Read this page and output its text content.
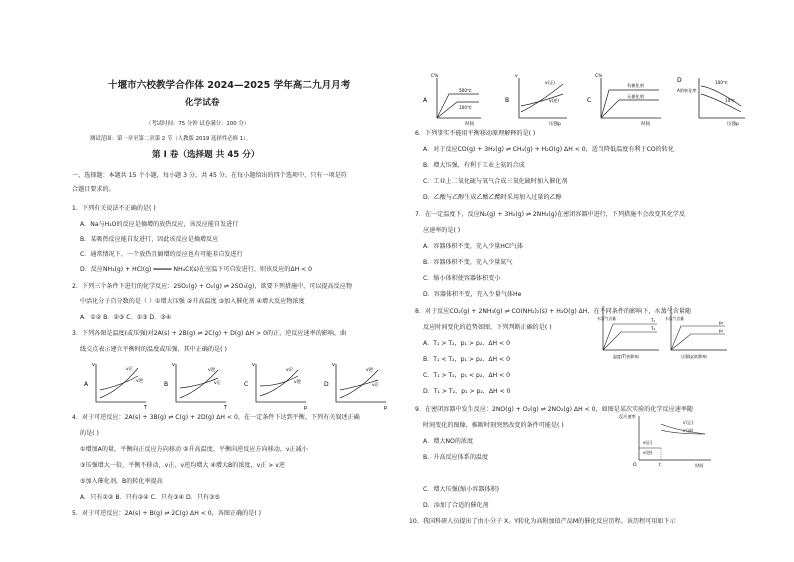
十堰市六校教学合作体 2024—2025 学年高二九月月考
化学试卷
（考试时间：75 分钟 试卷满分：100 分）
测试范围：第一章至第二章第 2 节（人教版 2019 选择性必修 1）。
第 I 卷（选择题 共 45 分）
一、选择题：本题共 15 个小题，每小题 3 分，共 45 分。在每小题给出的四个选项中，只有一项是符
合题目要求的。
1．下列有关说法不正确的是( )
A．Na与H₂O的反应是熵增的放热反应，该反应能自发进行
B．某吸热反应能自发进行，因此该反应是熵增反应
C．通常情况下，一个放热且熵增的反应也有可能非自发进行
D．反应NH₃(g) + HCl(g) ═════ NH₄Cl(s)在室温下可自发进行，则该反应的ΔH < 0
2．下列三个条件下进行的化学反应：2SO₂(g) + O₂(g) ⇌ 2SO₃(g)，欲要下列措施中，可以提高反应物
中活化分子百分数的是（ ）①增大压强 ②升高温度 ③加入催化剂 ④增大反应物浓度
A．①② B．②③ C．①③ D．③④
3．下列各图是温度(或压强)对2A(s) + 2B(g) ⇌ 2C(g) + D(g) ΔH > 0的正、逆反应速率的影响，曲
线交点表示建立平衡时的温度或压强，其中正确的是( )
A
v
T
v正
v逆	B
v
T
v逆
v正	C
v
p
v正
v逆	D
v
p
v逆
v正
4．对于可逆反应：2A(s) + 3B(g) ⇌ C(g) + 2D(g) ΔH < 0，在一定条件下达到平衡，下列有关叙述正确
的是( )
①增加A的量，平衡向正反应方向移动 ②升高温度，平衡向逆反应方向移动，v正减小
③压强增大一倍，平衡不移动，v正、v逆均增大 ④增大B的浓度，v正 > v逆
⑤加入催化剂，B的转化率提高
A．只有①② B．只有②④ C．只有③④ D．只有③⑤
5．对于可逆反应：2A(s) + B(g) ⇌ 2C(g) ΔH < 0，各图正确的是( )
A
C%
时间
500℃
100℃
B
v
压强p
v(正)
v(逆)	C
C%
时间
有催化剂
无催化剂
D
A的转化率
压强p
100℃
10℃
6．下列事实不能用平衡移动原理解释的是( )
A．对于反应CO(g) + 3H₂(g) ⇌ CH₄(g) + H₂O(g) ΔH < 0，适当降低温度有利于CO的转化
B．增大压强，有利于工业上氨的合成
C．工业上二氧化硫与氧气合成三氧化硫时加入催化剂
D．乙酸与乙醇生成乙酸乙酯时采用加入过量的乙醇
7．在一定温度下，反应N₂(g) + 3H₂(g) ⇌ 2NH₃(g)在密闭容器中进行，下列措施不会改变其化学反
应速率的是( )
A．容器体积不变，充入少量HCl气体
B．容器体积不变，充入少量氮气
C．缩小体积使容器体积变小
D．容器体积不变，充入少量气体He
8．对于反应CO₂(g) + 2NH₃(g) ⇌ CO(NH₂)₂(s) + H₂O(g) ΔH，在不同条件的影响下，水蒸气含量随
反应时间变化的趋势如图，下列判断正确的是( )
A．T₁ > T₂，p₁ > p₂，ΔH < 0
B．T₁ < T₂，p₁ > p₂，ΔH < 0
C．T₁ > T₂，p₁ < p₂，ΔH < 0
D．T₁ > T₂，p₁ > p₂，ΔH < 0
水蒸气含量	T₁
T₂
温度(T)的影响
水蒸气含量
p₂
p₁
压强(p)的影响
9．在密闭容器中发生反应：2NO(g) + O₂(g) ⇌ 2NO₂(g) ΔH < 0，如图是某次实验的化学反应速率随
时间变化的图像，推断时刻突然改变的条件可能是( )
A．增大NO的浓度
B．升高反应体系的温度
C．增大压强(缩小容器体积)
D．添加了合适的催化剂
反应速率
O
v′(正)
v′(逆)
v(正)
v(逆)
t	时间
10．我国科研人员提出了由小分子 X、Y转化为高附加值产品M的催化反应历程。该历程可用如下示
